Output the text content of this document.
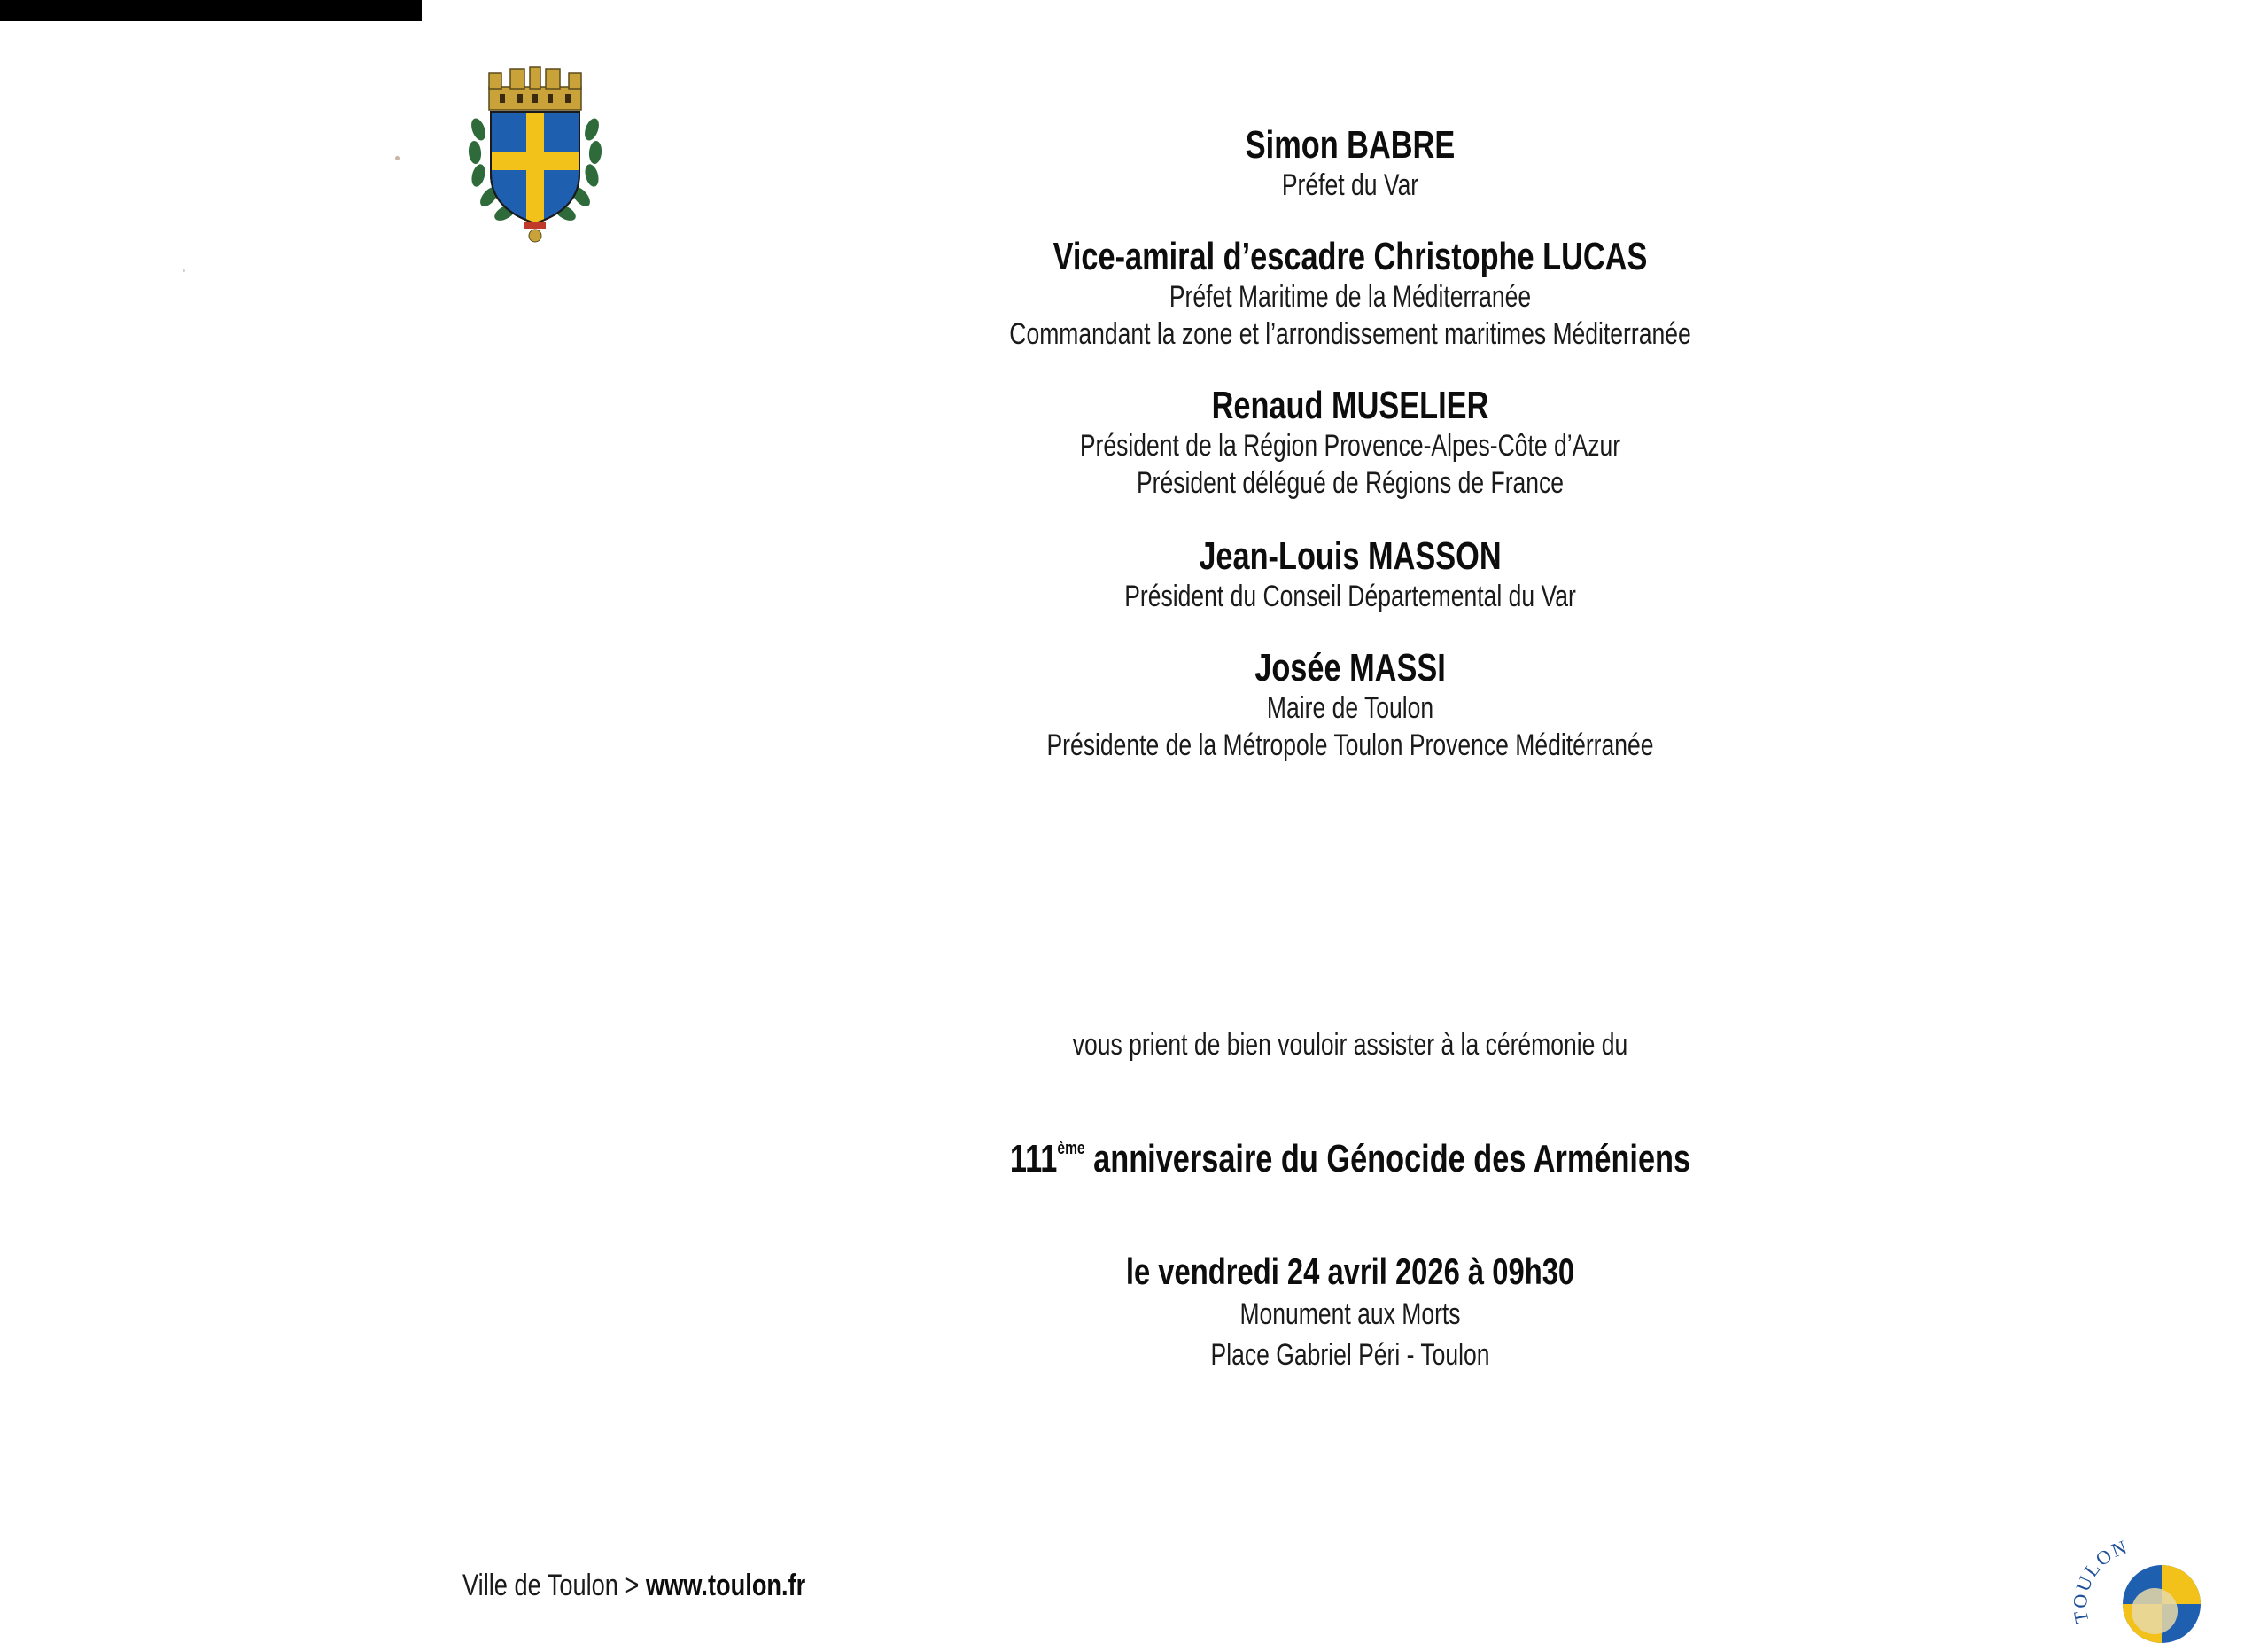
Simon BABRE
Préfet du Var
Vice-amiral d’escadre Christophe LUCAS
Préfet Maritime de la Méditerranée
Commandant la zone et l’arrondissement maritimes Méditerranée
Renaud MUSELIER
Président de la Région Provence-Alpes-Côte d’Azur
Président délégué de Régions de France
Jean-Louis MASSON
Président du Conseil Départemental du Var
Josée MASSI
Maire de Toulon
Présidente de la Métropole Toulon Provence Méditérranée
vous prient de bien vouloir assister à la cérémonie du
111ème anniversaire du Génocide des Arméniens
le vendredi 24 avril 2026 à 09h30
Monument aux Morts
Place Gabriel Péri - Toulon
Ville de Toulon > www.toulon.fr
TOULON
